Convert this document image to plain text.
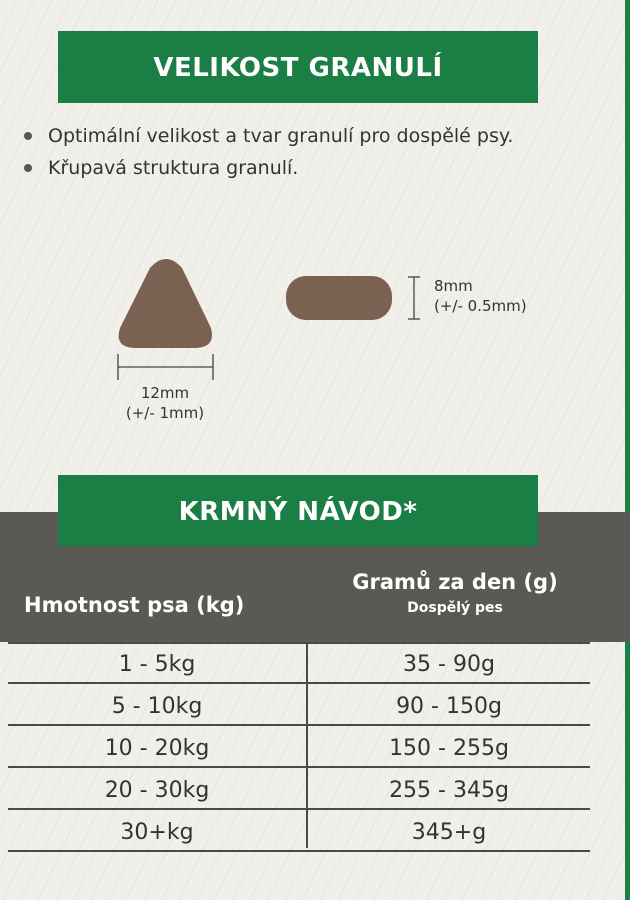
VELIKOST GRANULÍ
Optimální velikost a tvar granulí pro dospělé psy.
Křupavá struktura granulí.
12mm
(+/- 1mm)
8mm
(+/- 0.5mm)
KRMNÝ NÁVOD*
Hmotnost psa (kg)
Gramů za den (g)
Dospělý pes
1 - 5kg	35 - 90g
5 - 10kg	90 - 150g
10 - 20kg	150 - 255g
20 - 30kg	255 - 345g
30+kg	345+g
